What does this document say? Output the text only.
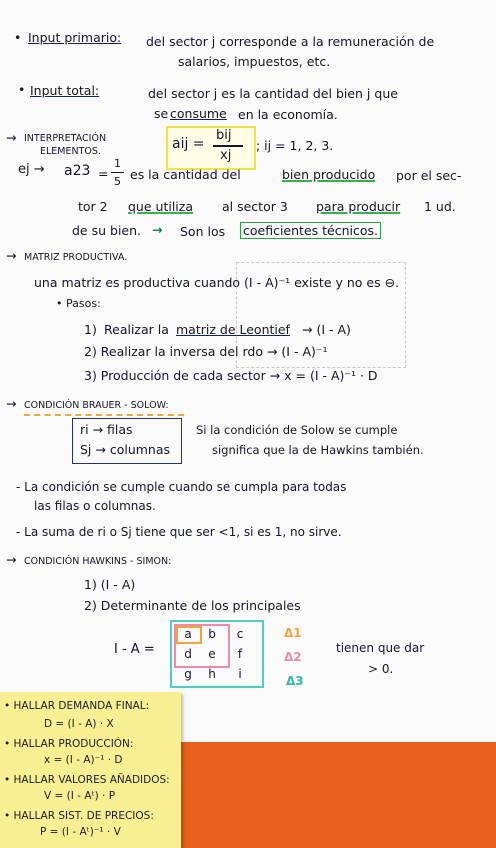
• Input primario: del sector j corresponde a la remuneración de
salarios, impuestos, etc.
• Input total:	del sector j es la cantidad del bien j que
se consume en la economía.
→ INTERPRETACIÓN
ELEMENTOS.	aij =
bij
xj
; ij = 1, 2, 3.
ej → a23 =
1
5 es la cantidad del	bien producido por el sec-
tor 2 que utiliza al sector 3 para producir 1 ud.
de su bien. → Son los coeficientes técnicos.
→ MATRIZ PRODUCTIVA.
una matriz es productiva cuando (I - A)⁻¹ existe y no es ⊖.
• Pasos:
1) Realizar la matriz de Leontief → (I - A)
2) Realizar la inversa del rdo → (I - A)⁻¹
3) Producción de cada sector → x = (I - A)⁻¹ · D
→ CONDICIÓN BRAUER - SOLOW:
ri → filas
Sj → columnas
Si la condición de Solow se cumple
significa que la de Hawkins también.
- La condición se cumple cuando se cumpla para todas
las filas o columnas.
- La suma de ri o Sj tiene que ser <1, si es 1, no sirve.
→ CONDICIÓN HAWKINS - SIMON:
1) (I - A)
2) Determinante de los principales
I - A =
a	b	c
d	e	f
g	h	i
Δ1
Δ2
Δ3
tienen que dar
> 0.
• HALLAR DEMANDA FINAL:
D = (I - A) · X
• HALLAR PRODUCCIÓN:
x = (I - A)⁻¹ · D
• HALLAR VALORES AÑADIDOS:
V = (I - Aᵗ) · P
• HALLAR SIST. DE PRECIOS:
P = (I - Aᵗ)⁻¹ · V
